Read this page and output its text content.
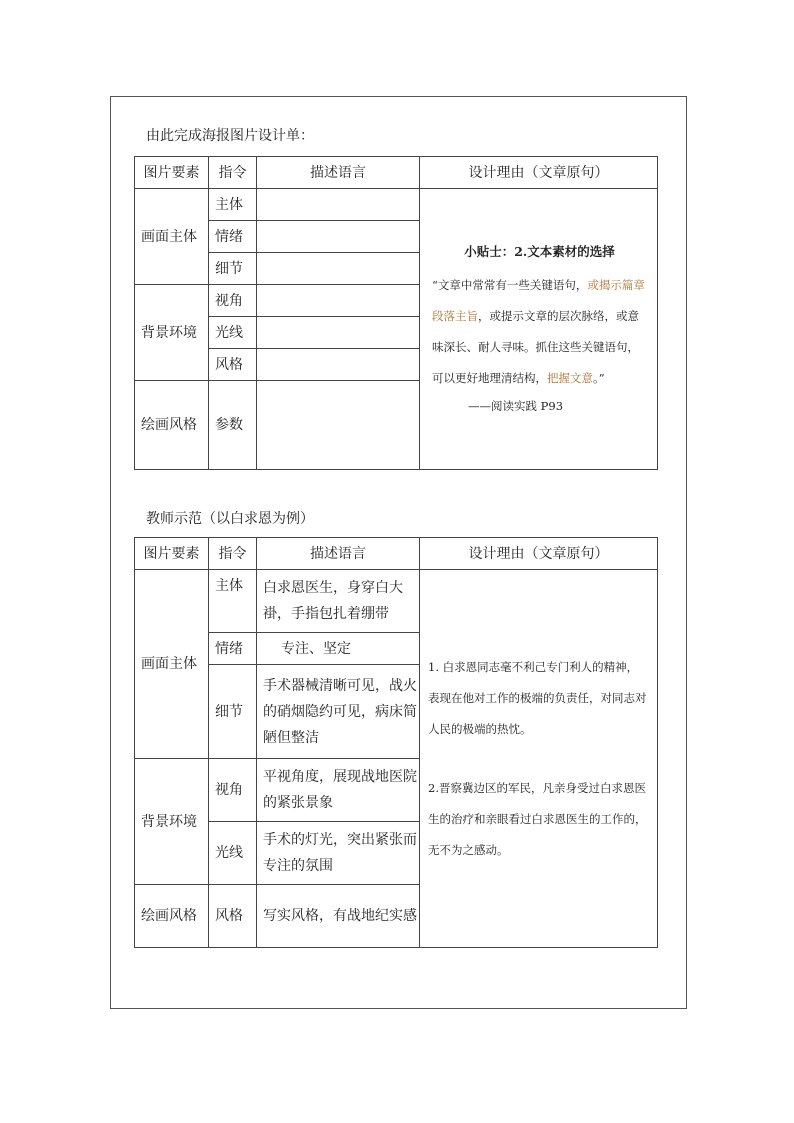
由此完成海报图片设计单：
图片要素	指令	描述语言	设计理由（文章原句）
画面主体	主体		小贴士：2.文本素材的选择
“文章中常常有一些关键语句，或揭示篇章段落主旨，或提示文章的层次脉络，或意味深长、耐人寻味。抓住这些关键语句，可以更好地理清结构，把握文意。”
——阅读实践 P93

	情绪		
	细节		
背景环境	视角		
	光线		
	风格		
绘画风格	参数		

教师示范（以白求恩为例）
图片要素	指令	描述语言	设计理由（文章原句）
画面主体	主体	白求恩医生，身穿白大褂，手指包扎着绷带	1. 白求恩同志毫不利己专门利人的精神，表现在他对工作的极端的负责任，对同志对人民的极端的热忱。

2.晋察冀边区的军民，凡亲身受过白求恩医生的治疗和亲眼看过白求恩医生的工作的，无不为之感动。

	情绪	专注、坚定	
	细节	手术器械清晰可见，战火的硝烟隐约可见，病床简陋但整洁	
背景环境	视角	平视角度，展现战地医院的紧张景象	
	光线	手术的灯光，突出紧张而专注的氛围	
绘画风格	风格	写实风格，有战地纪实感	
